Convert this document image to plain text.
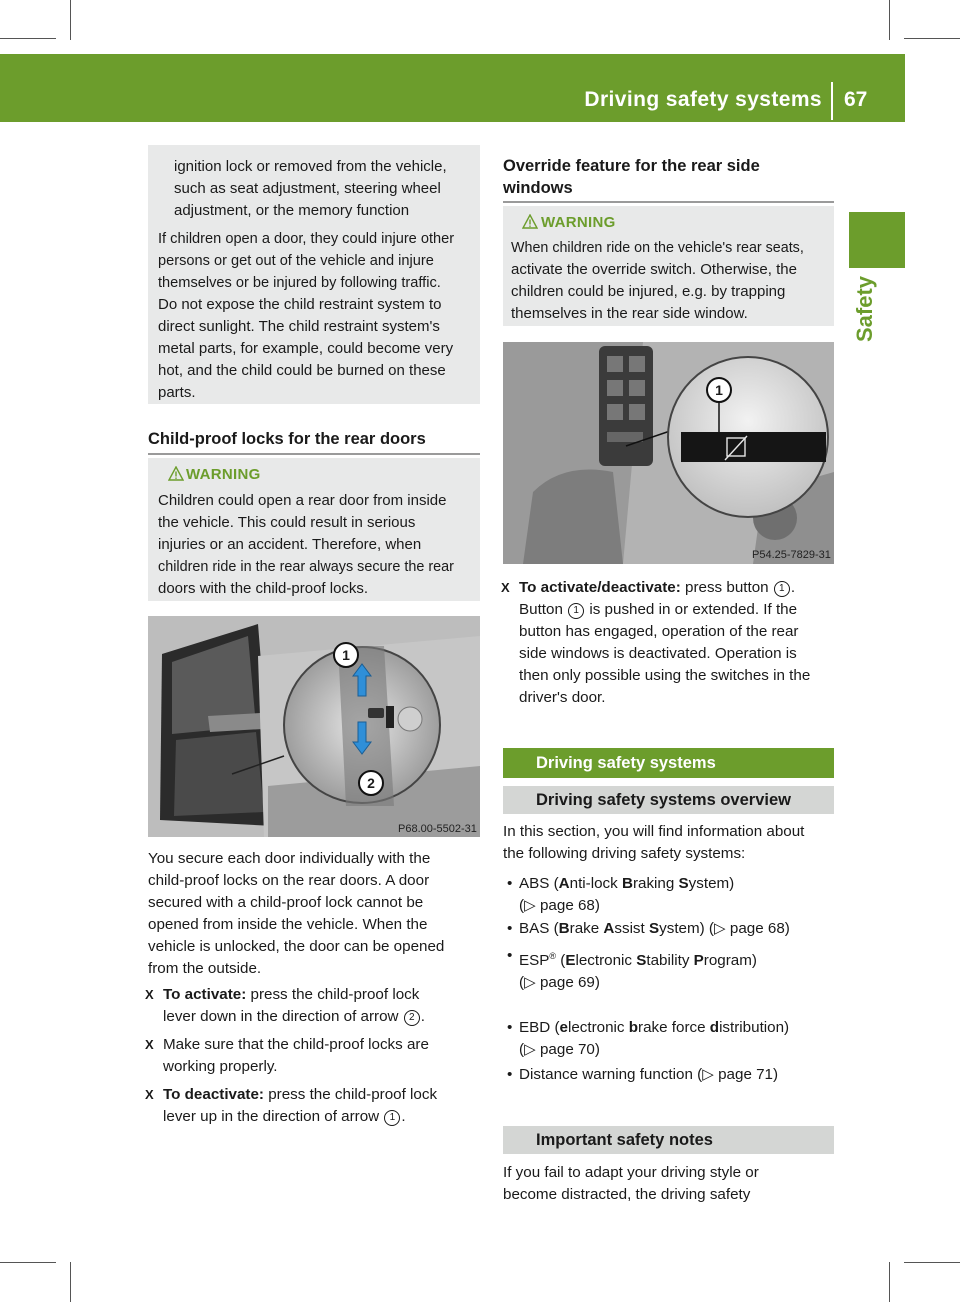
Driving safety systems 67
Safety
ignition lock or removed from the vehicle,
such as seat adjustment, steering wheel
adjustment, or the memory function
If children open a door, they could injure other
persons or get out of the vehicle and injure
themselves or be injured by following traffic.
Do not expose the child restraint system to
direct sunlight. The child restraint system's
metal parts, for example, could become very
hot, and the child could be burned on these
parts.
Child-proof locks for the rear doors
WARNING
Children could open a rear door from inside
the vehicle. This could result in serious
injuries or an accident. Therefore, when
children ride in the rear always secure the rear
doors with the child-proof locks.
1
2
P68.00-5502-31

You secure each door individually with the

child-proof locks on the rear doors. A door

secured with a child-proof lock cannot be

opened from inside the vehicle. When the

vehicle is unlocked, the door can be opened

from the outside.

X To activate: press the child-proof lock
lever down in the direction of arrow 2 .
X Make sure that the child-proof locks are
working properly.
X To deactivate: press the child-proof lock
lever up in the direction of arrow 1 .
Override feature for the rear side
windows
WARNING
When children ride on the vehicle's rear seats,
activate the override switch. Otherwise, the
children could be injured, e.g. by trapping
themselves in the rear side window.
1
P54.25-7829-31
X To activate/deactivate: press button 1 .
Button 1 is pushed in or extended. If the
button has engaged, operation of the rear
side windows is deactivated. Operation is
then only possible using the switches in the
driver's door.
Driving safety systems
Driving safety systems overview

In this section, you will find information about

the following driving safety systems:

• ABS (Anti-lock Braking System)
(▷ page 68)
• BAS (Brake Assist System) (▷ page 68)
• ESP® (Electronic Stability Program)
(▷ page 69)
• EBD (electronic brake force distribution)
(▷ page 70)
• Distance warning function (▷ page 71)
Important safety notes

If you fail to adapt your driving style or

become distracted, the driving safety
